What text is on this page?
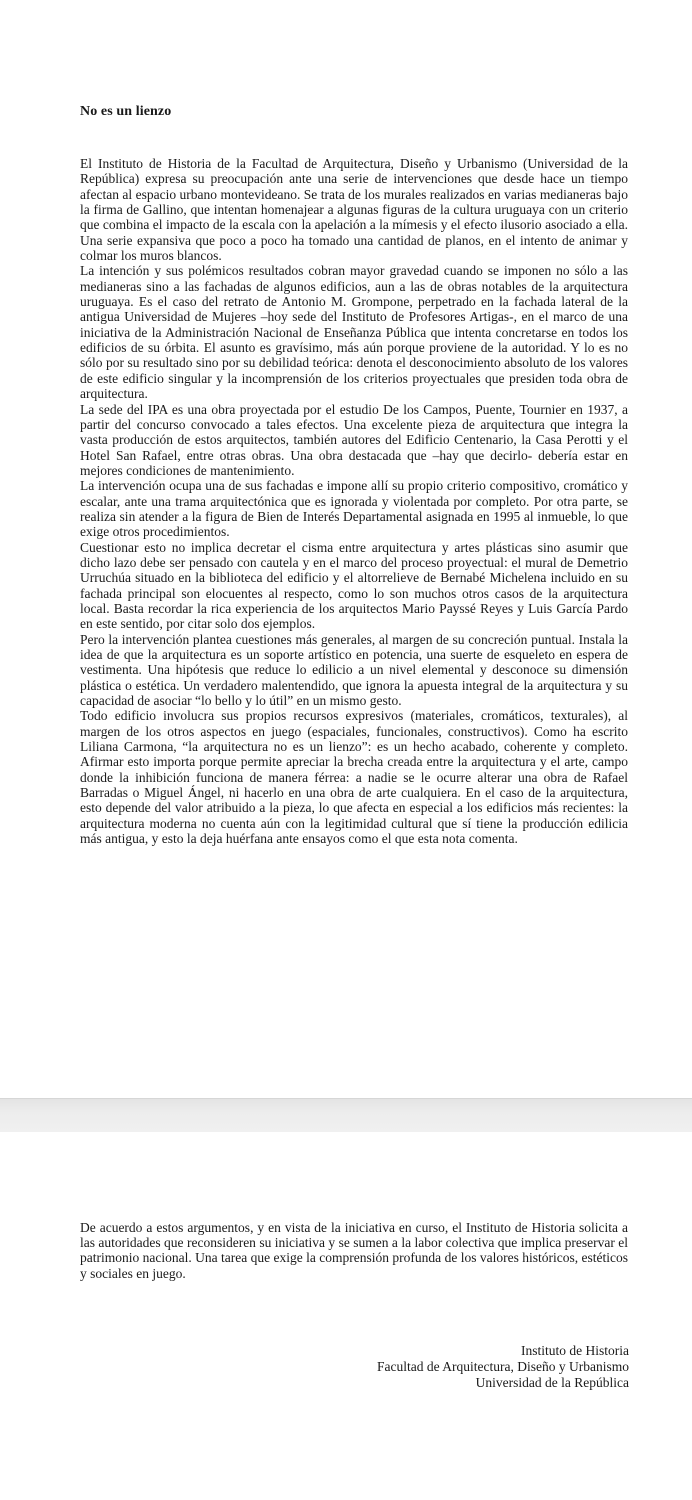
No es un lienzo

El Instituto de Historia de la Facultad de Arquitectura, Diseño y Urbanismo (Universidad de la República) expresa su preocupación ante una serie de intervenciones que desde hace un tiempo afectan al espacio urbano montevideano. Se trata de los murales realizados en varias medianeras bajo la firma de Gallino, que intentan homenajear a algunas figuras de la cultura uruguaya con un criterio que combina el impacto de la escala con la apelación a la mímesis y el efecto ilusorio asociado a ella. Una serie expansiva que poco a poco ha tomado una cantidad de planos, en el intento de animar y colmar los muros blancos.

La intención y sus polémicos resultados cobran mayor gravedad cuando se imponen no sólo a las medianeras sino a las fachadas de algunos edificios, aun a las de obras notables de la arquitectura uruguaya. Es el caso del retrato de Antonio M. Grompone, perpetrado en la fachada lateral de la antigua Universidad de Mujeres –hoy sede del Instituto de Profesores Artigas-, en el marco de una iniciativa de la Administración Nacional de Enseñanza Pública que intenta concretarse en todos los edificios de su órbita. El asunto es gravísimo, más aún porque proviene de la autoridad. Y lo es no sólo por su resultado sino por su debilidad teórica: denota el desconocimiento absoluto de los valores de este edificio singular y la incomprensión de los criterios proyectuales que presiden toda obra de arquitectura.

La sede del IPA es una obra proyectada por el estudio De los Campos, Puente, Tournier en 1937, a partir del concurso convocado a tales efectos. Una excelente pieza de arquitectura que integra la vasta producción de estos arquitectos, también autores del Edificio Centenario, la Casa Perotti y el Hotel San Rafael, entre otras obras. Una obra destacada que –hay que decirlo- debería estar en mejores condiciones de mantenimiento.

La intervención ocupa una de sus fachadas e impone allí su propio criterio compositivo, cromático y escalar, ante una trama arquitectónica que es ignorada y violentada por completo. Por otra parte, se realiza sin atender a la figura de Bien de Interés Departamental asignada en 1995 al inmueble, lo que exige otros procedimientos.

Cuestionar esto no implica decretar el cisma entre arquitectura y artes plásticas sino asumir que dicho lazo debe ser pensado con cautela y en el marco del proceso proyectual: el mural de Demetrio Urruchúa situado en la biblioteca del edificio y el altorrelieve de Bernabé Michelena incluido en su fachada principal son elocuentes al respecto, como lo son muchos otros casos de la arquitectura local. Basta recordar la rica experiencia de los arquitectos Mario Payssé Reyes y Luis García Pardo en este sentido, por citar solo dos ejemplos.

Pero la intervención plantea cuestiones más generales, al margen de su concreción puntual. Instala la idea de que la arquitectura es un soporte artístico en potencia, una suerte de esqueleto en espera de vestimenta. Una hipótesis que reduce lo edilicio a un nivel elemental y desconoce su dimensión plástica o estética. Un verdadero malentendido, que ignora la apuesta integral de la arquitectura y su capacidad de asociar “lo bello y lo útil” en un mismo gesto.

Todo edificio involucra sus propios recursos expresivos (materiales, cromáticos, texturales), al margen de los otros aspectos en juego (espaciales, funcionales, constructivos). Como ha escrito Liliana Carmona, “la arquitectura no es un lienzo”: es un hecho acabado, coherente y completo. Afirmar esto importa porque permite apreciar la brecha creada entre la arquitectura y el arte, campo donde la inhibición funciona de manera férrea: a nadie se le ocurre alterar una obra de Rafael Barradas o Miguel Ángel, ni hacerlo en una obra de arte cualquiera. En el caso de la arquitectura, esto depende del valor atribuido a la pieza, lo que afecta en especial a los edificios más recientes: la arquitectura moderna no cuenta aún con la legitimidad cultural que sí tiene la producción edilicia más antigua, y esto la deja huérfana ante ensayos como el que esta nota comenta.

De acuerdo a estos argumentos, y en vista de la iniciativa en curso, el Instituto de Historia solicita a las autoridades que reconsideren su iniciativa y se sumen a la labor colectiva que implica preservar el patrimonio nacional. Una tarea que exige la comprensión profunda de los valores históricos, estéticos y sociales en juego.

Instituto de Historia
Facultad de Arquitectura, Diseño y Urbanismo
Universidad de la República
